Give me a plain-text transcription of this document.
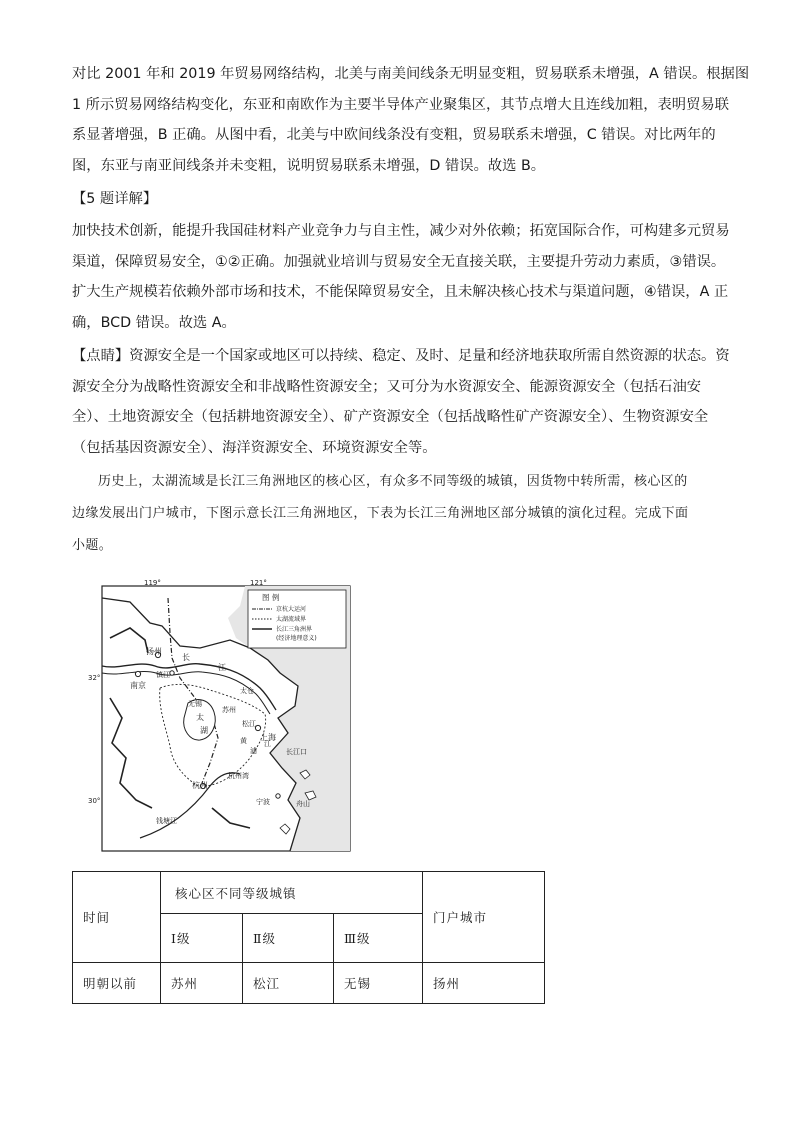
对比 2001 年和 2019 年贸易网络结构，北美与南美间线条无明显变粗，贸易联系未增强，A 错误。根据图
1 所示贸易网络结构变化，东亚和南欧作为主要半导体产业聚集区，其节点增大且连线加粗，表明贸易联
系显著增强，B 正确。从图中看，北美与中欧间线条没有变粗，贸易联系未增强，C 错误。对比两年的
图，东亚与南亚间线条并未变粗，说明贸易联系未增强，D 错误。故选 B。
【5 题详解】
加快技术创新，能提升我国硅材料产业竞争力与自主性，减少对外依赖；拓宽国际合作，可构建多元贸易
渠道，保障贸易安全，①②正确。加强就业培训与贸易安全无直接关联，主要提升劳动力素质，③错误。
扩大生产规模若依赖外部市场和技术，不能保障贸易安全，且未解决核心技术与渠道问题，④错误，A 正
确，BCD 错误。故选 A。
【点睛】资源安全是一个国家或地区可以持续、稳定、及时、足量和经济地获取所需自然资源的状态。资
源安全分为战略性资源安全和非战略性资源安全；又可分为水资源安全、能源资源安全（包括石油安
全）、土地资源安全（包括耕地资源安全）、矿产资源安全（包括战略性矿产资源安全）、生物资源安全
（包括基因资源安全）、海洋资源安全、环境资源安全等。
历史上，太湖流域是长江三角洲地区的核心区，有众多不同等级的城镇，因货物中转所需，核心区的
边缘发展出门户城市，下图示意长江三角洲地区，下表为长江三角洲地区部分城镇的演化过程。完成下面
小题。
图 例
京杭大运河
太湖流域界
长江三角洲界
(经济地理意义)
119°	121°
32°
30°
扬州
南京
镇江
无锡
苏州
太仓
松江
上海
杭州
宁波
长
江
太
湖
黄
浦
江
杭州湾
长江口
舟山
钱塘江
时间	核心区不同等级城镇			门户城市
	Ⅰ级	Ⅱ级	Ⅲ级	
明朝以前	苏州	松江	无锡	扬州
